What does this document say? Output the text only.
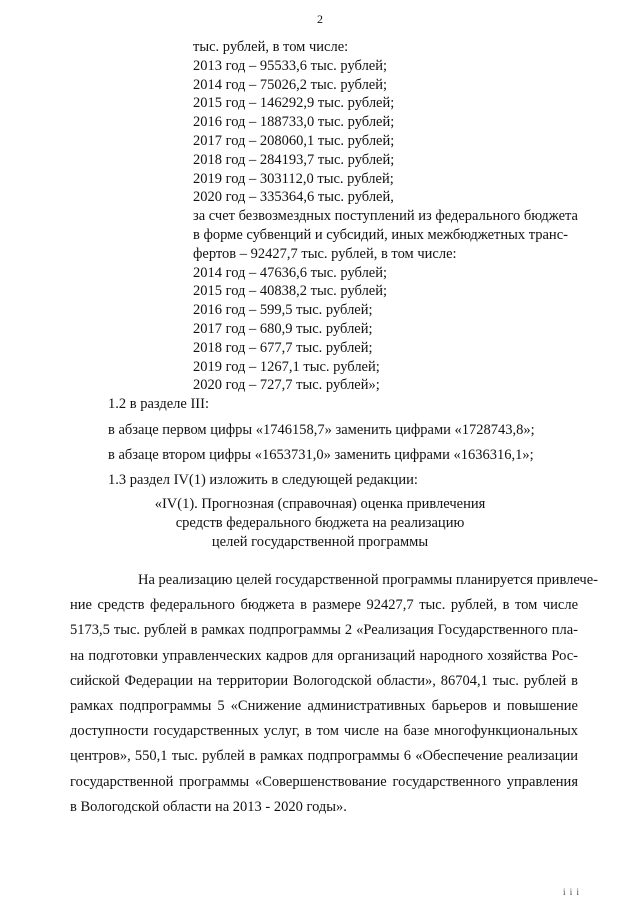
2
тыс. рублей, в том числе:
2013 год – 95533,6 тыс. рублей;
2014 год – 75026,2 тыс. рублей;
2015 год – 146292,9 тыс. рублей;
2016 год – 188733,0 тыс. рублей;
2017 год – 208060,1 тыс. рублей;
2018 год – 284193,7 тыс. рублей;
2019 год – 303112,0 тыс. рублей;
2020 год – 335364,6 тыс. рублей,
за счет безвозмездных поступлений из федерального бюджета
в форме субвенций и субсидий, иных межбюджетных транс-
фертов – 92427,7 тыс. рублей, в том числе:
2014 год – 47636,6 тыс. рублей;
2015 год – 40838,2 тыс. рублей;
2016 год – 599,5 тыс. рублей;
2017 год – 680,9 тыс. рублей;
2018 год – 677,7 тыс. рублей;
2019 год – 1267,1 тыс. рублей;
2020 год – 727,7 тыс. рублей»;
1.2 в разделе III:
в абзаце первом цифры «1746158,7» заменить цифрами «1728743,8»;
в абзаце втором цифры «1653731,0» заменить цифрами «1636316,1»;
1.3 раздел IV(1) изложить в следующей редакции:
«IV(1). Прогнозная (справочная) оценка привлечения
средств федерального бюджета на реализацию
целей государственной программы
На реализацию целей государственной программы планируется привлече-
ние средств федерального бюджета в размере 92427,7 тыс. рублей, в том числе
5173,5 тыс. рублей в рамках подпрограммы 2 «Реализация Государственного пла-
на подготовки управленческих кадров для организаций народного хозяйства Рос-
сийской Федерации на территории Вологодской области», 86704,1 тыс. рублей в
рамках подпрограммы 5 «Снижение административных барьеров и повышение
доступности государственных услуг, в том числе на базе многофункциональных
центров», 550,1 тыс. рублей в рамках подпрограммы 6 «Обеспечение реализации
государственной программы «Совершенствование государственного управления
в Вологодской области на 2013 - 2020 годы».
і і і
